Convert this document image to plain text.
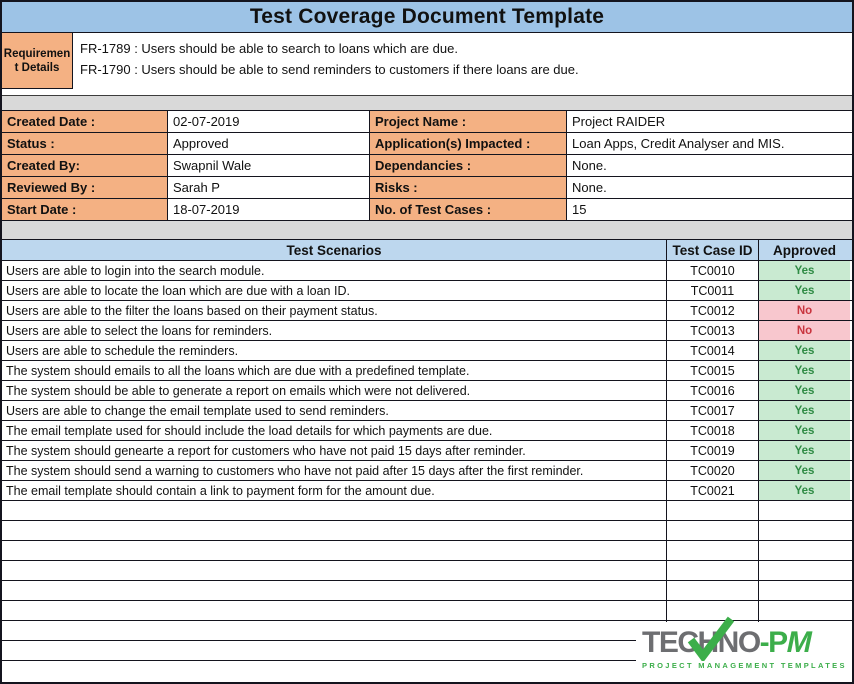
Test Coverage Document Template
Requirement Details
FR-1789 : Users should be able to search to loans which are due.
FR-1790 : Users should be able to send reminders to customers if there loans are due.
Created Date :	02-07-2019	Project Name :	Project RAIDER
Status :	Approved	Application(s) Impacted :	Loan Apps, Credit Analyser and MIS.
Created By:	Swapnil Wale	Dependancies :	None.
Reviewed By :	Sarah P	Risks :	None.
Start Date :	18-07-2019	No. of Test Cases :	15
Test Scenarios	Test Case ID	Approved
Users are able to login into the search module.	TC0010	Yes
Users are able to locate the loan which are due with a loan ID.	TC0011	Yes
Users are able to the filter the loans based on their payment status.	TC0012	No
Users are able to select the loans for reminders.	TC0013	No
Users are able to schedule the reminders.	TC0014	Yes
The system should emails to all the loans which are due with a predefined template.	TC0015	Yes
The system should be able to generate a report on emails which were not delivered.	TC0016	Yes
Users are able to change the email template used to send reminders.	TC0017	Yes
The email template used for should include the load details for which payments are due.	TC0018	Yes
The system should genearte a report for customers who have not paid 15 days after reminder.	TC0019	Yes
The system should send a warning to customers who have not paid after 15 days after the first reminder.	TC0020	Yes
The email template should contain a link to payment form for the amount due.	TC0021	Yes
TECHNO-PM
PROJECT MANAGEMENT TEMPLATES
